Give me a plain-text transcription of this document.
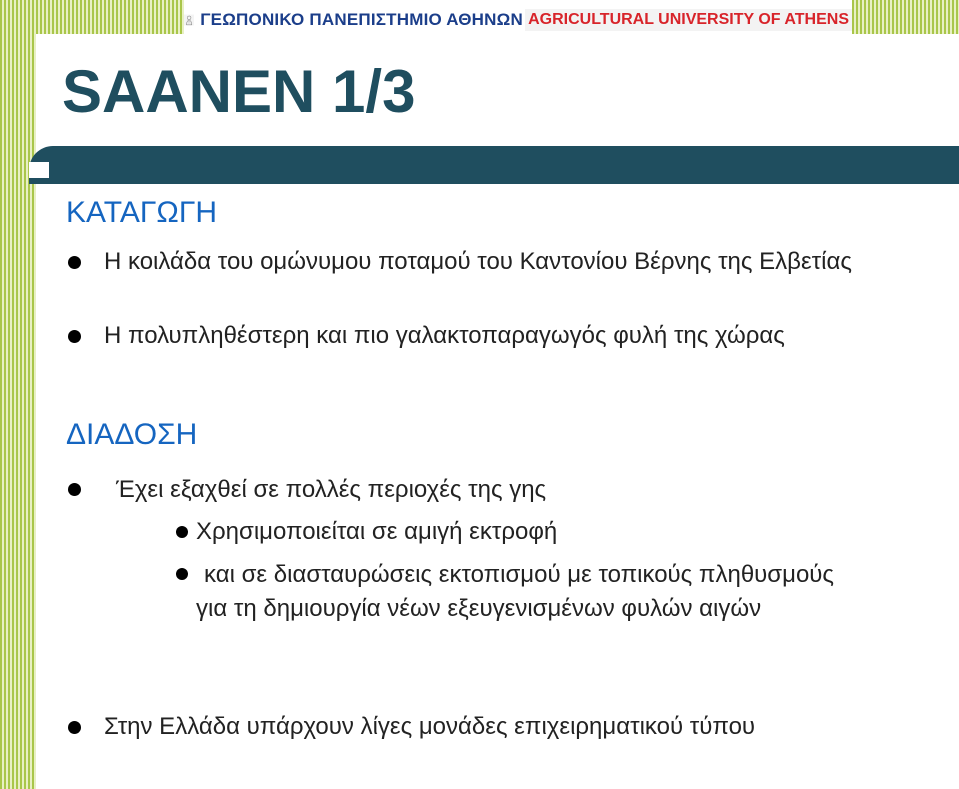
ΓΕΩΠΟΝΙΚΟ ΠΑΝΕΠΙΣΤΗΜΙΟ ΑΘΗΝΩΝ AGRICULTURAL UNIVERSITY OF ATHENS
SAANEN 1/3
ΚΑΤΑΓΩΓΗ

Η κοιλάδα του ομώνυμου ποταμού του Καντονίου Βέρνης της Ελβετίας

Η πολυπληθέστερη και πιο γαλακτοπαραγωγός φυλή της χώρας

ΔΙΑΔΟΣΗ

Έχει εξαχθεί σε πολλές περιοχές της γης

Χρησιμοποιείται σε αμιγή εκτροφή

και σε διασταυρώσεις εκτοπισμού με τοπικούς πληθυσμούς για τη δημιουργία νέων εξευγενισμένων φυλών αιγών

Στην Ελλάδα υπάρχουν λίγες μονάδες επιχειρηματικού τύπου
